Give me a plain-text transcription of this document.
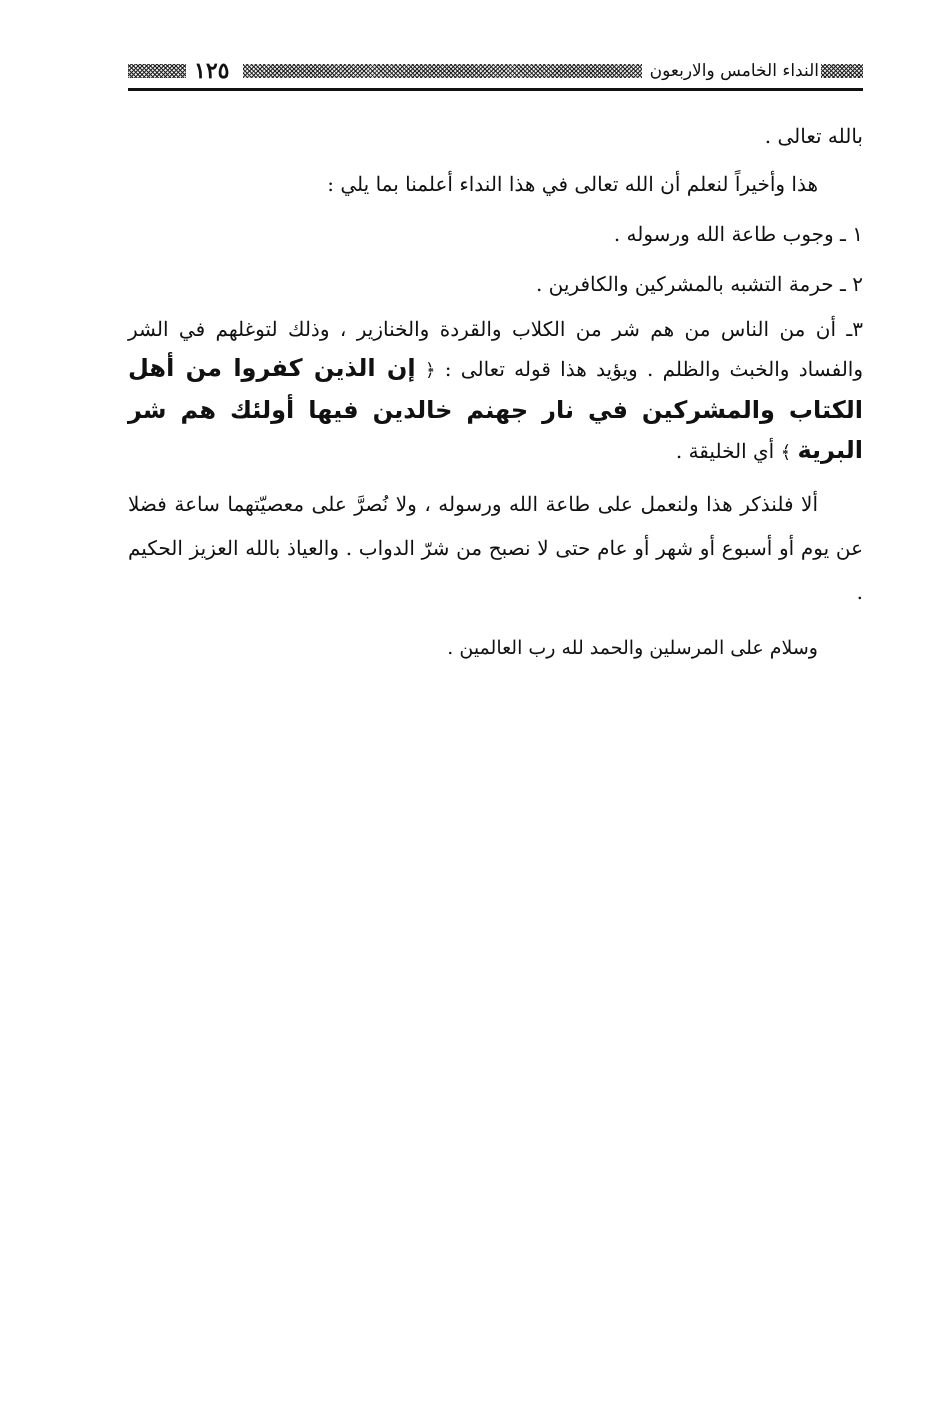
النداء الخامس والاربعون
١٢٥

بالله تعالى .

هذا وأخيراً لنعلم أن الله تعالى في هذا النداء أعلمنا بما يلي :

١ ـ وجوب طاعة الله ورسوله .

٢ ـ حرمة التشبه بالمشركين والكافرين .

٣ـ أن من الناس من هم شر من الكلاب والقردة والخنازير ، وذلك لتوغلهم في الشر والفساد والخبث والظلم . ويؤيد هذا قوله تعالى : ﴿ إن الذين كفروا من أهل الكتاب والمشركين في نار جهنم خالدين فيها أولئك هم شر البرية ﴾ أي الخليقة .

ألا فلنذكر هذا ولنعمل على طاعة الله ورسوله ، ولا نُصرَّ على معصيّتهما ساعة فضلا عن يوم أو أسبوع أو شهر أو عام حتى لا نصبح من شرّ الدواب . والعياذ بالله العزيز الحكيم .

وسلام على المرسلين والحمد لله رب العالمين .
